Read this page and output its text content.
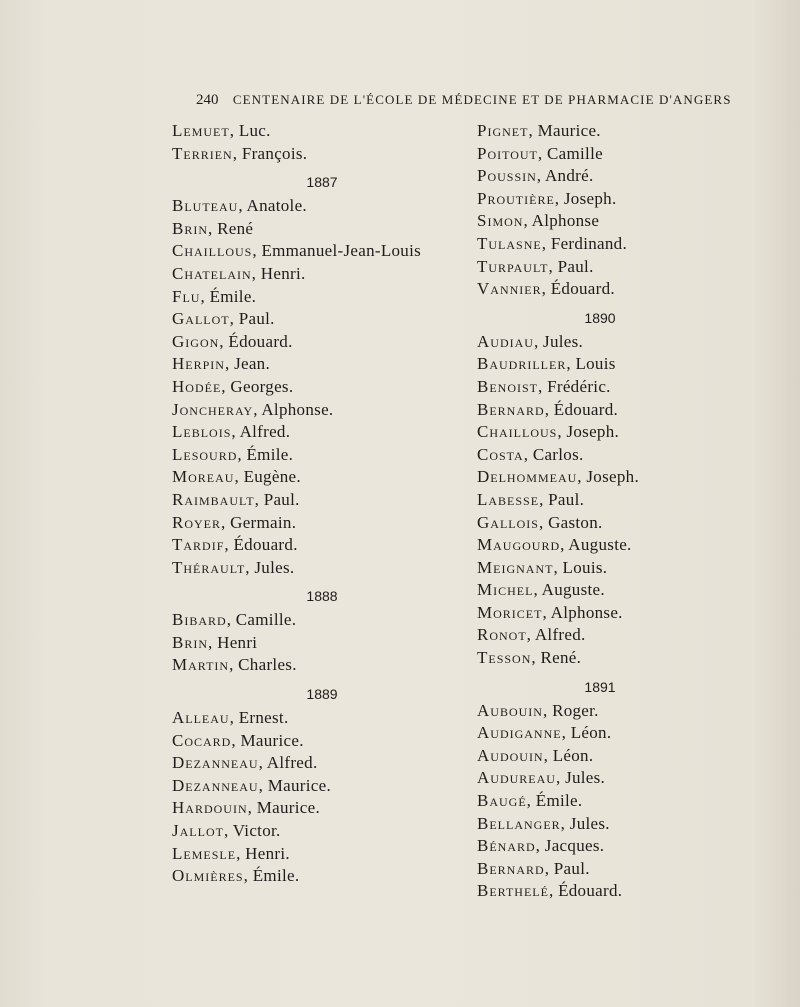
240 CENTENAIRE DE L'ÉCOLE DE MÉDECINE ET DE PHARMACIE D'ANGERS
Lemuet, Luc.
Terrien, François.
1887
Bluteau, Anatole.
Brin, René
Chaillous, Emmanuel-Jean-Louis
Chatelain, Henri.
Flu, Émile.
Gallot, Paul.
Gigon, Édouard.
Herpin, Jean.
Hodée, Georges.
Joncheray, Alphonse.
Leblois, Alfred.
Lesourd, Émile.
Moreau, Eugène.
Raimbault, Paul.
Royer, Germain.
Tardif, Édouard.
Thérault, Jules.
1888
Bibard, Camille.
Brin, Henri
Martin, Charles.
1889
Alleau, Ernest.
Cocard, Maurice.
Dezanneau, Alfred.
Dezanneau, Maurice.
Hardouin, Maurice.
Jallot, Victor.
Lemesle, Henri.
Olmières, Émile.
Pignet, Maurice.
Poitout, Camille
Poussin, André.
Proutière, Joseph.
Simon, Alphonse
Tulasne, Ferdinand.
Turpault, Paul.
Vannier, Édouard.
1890
Audiau, Jules.
Baudriller, Louis
Benoist, Frédéric.
Bernard, Édouard.
Chaillous, Joseph.
Costa, Carlos.
Delhommeau, Joseph.
Labesse, Paul.
Gallois, Gaston.
Maugourd, Auguste.
Meignant, Louis.
Michel, Auguste.
Moricet, Alphonse.
Ronot, Alfred.
Tesson, René.
1891
Aubouin, Roger.
Audiganne, Léon.
Audouin, Léon.
Audureau, Jules.
Baugé, Émile.
Bellanger, Jules.
Bénard, Jacques.
Bernard, Paul.
Berthelé, Édouard.
